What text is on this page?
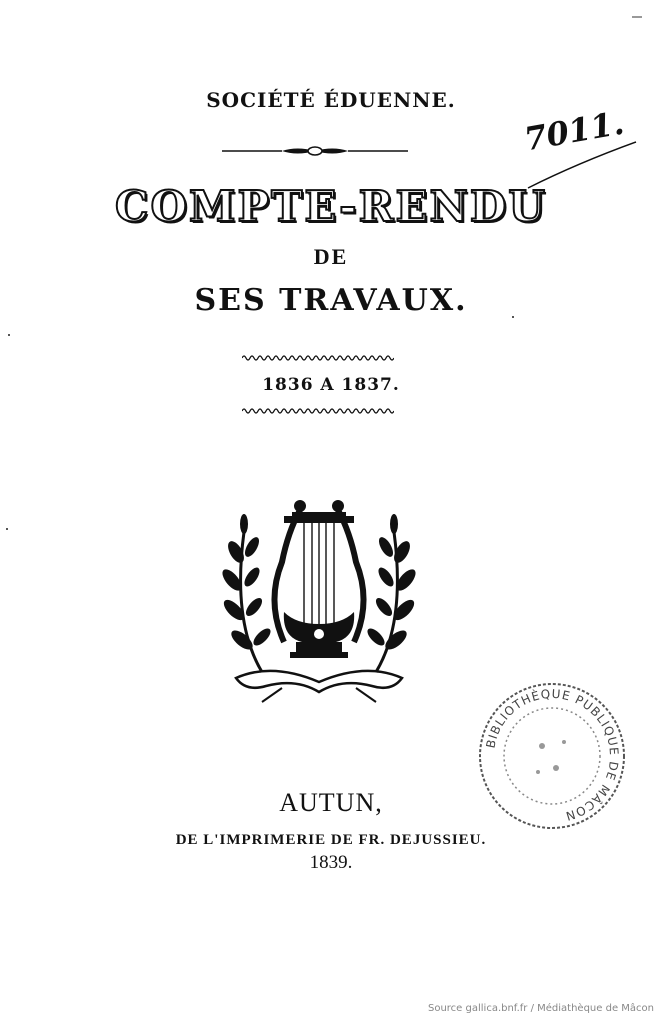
SOCIÉTÉ ÉDUENNE.
COMPTE-RENDU
DE
SES TRAVAUX.
1836 A 1837.
7011.
BIBLIOTHÈQUE PUBLIQUE DE MÂCON
AUTUN,
DE L'IMPRIMERIE DE FR. DEJUSSIEU.
1839.
Source gallica.bnf.fr / Médiathèque de Mâcon
